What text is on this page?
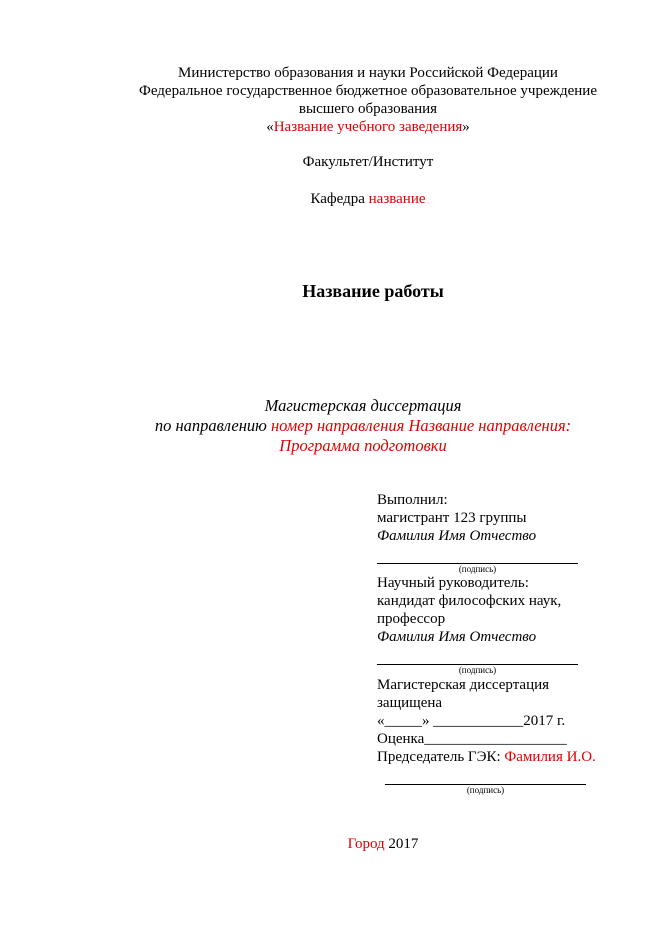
Министерство образования и науки Российской Федерации
Федеральное государственное бюджетное образовательное учреждение
высшего образования
«Название учебного заведения»
Факультет/Институт
Кафедра название
Название работы
Магистерская диссертация
по направлению номер направления Название направления:
Программа подготовки
Выполнил:
магистрант 123 группы
Фамилия Имя Отчество
(подпись)
Научный руководитель:
кандидат философских наук,
профессор
Фамилия Имя Отчество
(подпись)
Магистерская диссертация
защищена
«_____» ____________2017 г.
Оценка___________________
Председатель ГЭК: Фамилия И.О.
(подпись)
Город 2017
